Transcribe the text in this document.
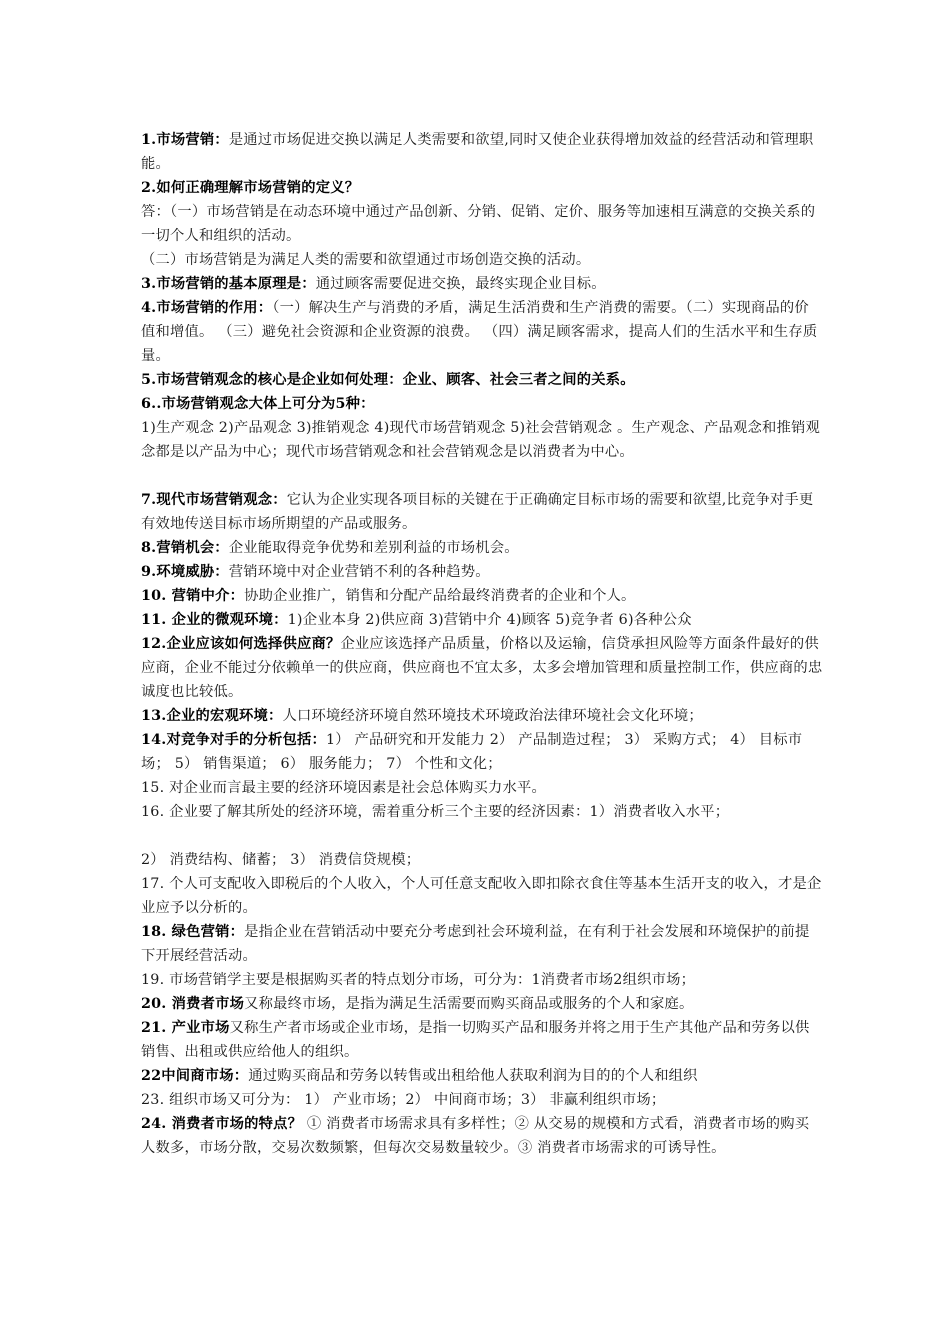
1.市场营销：是通过市场促进交换以满足人类需要和欲望,同时又使企业获得增加效益的经营活动和管理职能。

2.如何正确理解市场营销的定义？

答：（一）市场营销是在动态环境中通过产品创新、分销、促销、定价、服务等加速相互满意的交换关系的一切个人和组织的活动。

（二）市场营销是为满足人类的需要和欲望通过市场创造交换的活动。

3.市场营销的基本原理是：通过顾客需要促进交换，最终实现企业目标。

4.市场营销的作用：（一）解决生产与消费的矛盾，满足生活消费和生产消费的需要。（二）实现商品的价值和增值。 （三）避免社会资源和企业资源的浪费。 （四）满足顾客需求，提高人们的生活水平和生存质量。

5.市场营销观念的核心是企业如何处理：企业、顾客、社会三者之间的关系。

6..市场营销观念大体上可分为5种：

1)生产观念 2)产品观念 3)推销观念 4)现代市场营销观念 5)社会营销观念 。生产观念、产品观念和推销观念都是以产品为中心；现代市场营销观念和社会营销观念是以消费者为中心。

7.现代市场营销观念：它认为企业实现各项目标的关键在于正确确定目标市场的需要和欲望,比竞争对手更有效地传送目标市场所期望的产品或服务。

8.营销机会：企业能取得竞争优势和差别利益的市场机会。

9.环境威胁：营销环境中对企业营销不利的各种趋势。

10. 营销中介：协助企业推广，销售和分配产品给最终消费者的企业和个人。

11. 企业的微观环境：1)企业本身 2)供应商 3)营销中介 4)顾客 5)竞争者 6)各种公众

12.企业应该如何选择供应商？企业应该选择产品质量，价格以及运输，信贷承担风险等方面条件最好的供应商，企业不能过分依赖单一的供应商，供应商也不宜太多，太多会增加管理和质量控制工作，供应商的忠诚度也比较低。

13.企业的宏观环境：人口环境经济环境自然环境技术环境政治法律环境社会文化环境；

14.对竞争对手的分析包括：1） 产品研究和开发能力 2） 产品制造过程； 3） 采购方式； 4） 目标市场； 5） 销售渠道； 6） 服务能力； 7） 个性和文化；

15. 对企业而言最主要的经济环境因素是社会总体购买力水平。

16. 企业要了解其所处的经济环境，需着重分析三个主要的经济因素：1）消费者收入水平；

2） 消费结构、储蓄； 3） 消费信贷规模；

17. 个人可支配收入即税后的个人收入，个人可任意支配收入即扣除衣食住等基本生活开支的收入，才是企业应予以分析的。

18. 绿色营销：是指企业在营销活动中要充分考虑到社会环境利益，在有利于社会发展和环境保护的前提下开展经营活动。

19. 市场营销学主要是根据购买者的特点划分市场，可分为：1消费者市场2组织市场；

20. 消费者市场又称最终市场，是指为满足生活需要而购买商品或服务的个人和家庭。

21. 产业市场又称生产者市场或企业市场，是指一切购买产品和服务并将之用于生产其他产品和劳务以供销售、出租或供应给他人的组织。

22中间商市场：通过购买商品和劳务以转售或出租给他人获取利润为目的的个人和组织

23. 组织市场又可分为： 1） 产业市场；2） 中间商市场；3） 非赢利组织市场；

24. 消费者市场的特点？ ① 消费者市场需求具有多样性；② 从交易的规模和方式看，消费者市场的购买人数多，市场分散，交易次数频繁，但每次交易数量较少。③ 消费者市场需求的可诱导性。
